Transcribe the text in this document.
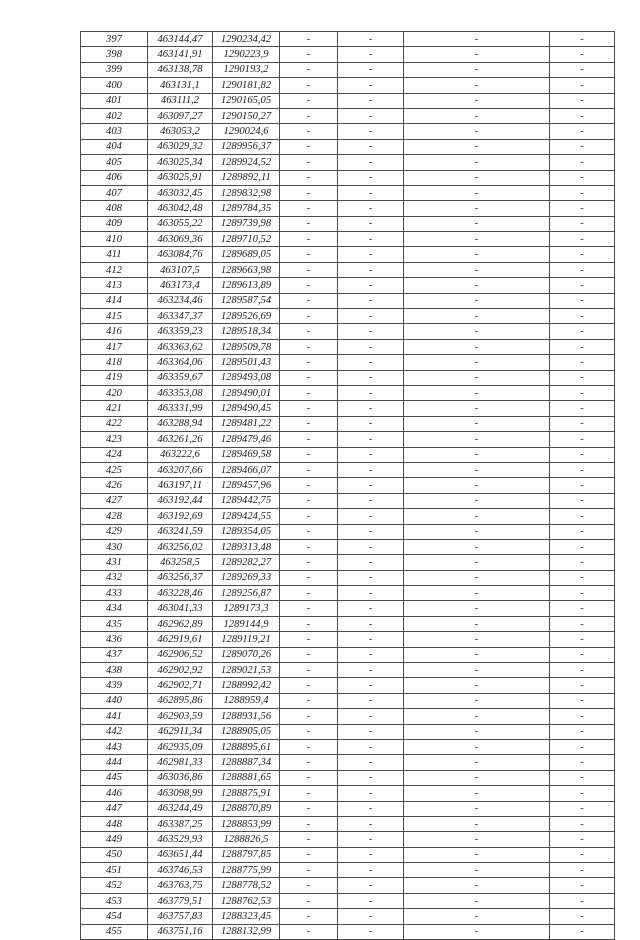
397	463144,47	1290234,42	-	-	-	-
398	463141,91	1290223,9	-	-	-	-
399	463138,78	1290193,2	-	-	-	-
400	463131,1	1290181,82	-	-	-	-
401	463111,2	1290165,05	-	-	-	-
402	463097,27	1290150,27	-	-	-	-
403	463053,2	1290024,6	-	-	-	-
404	463029,32	1289956,37	-	-	-	-
405	463025,34	1289924,52	-	-	-	-
406	463025,91	1289892,11	-	-	-	-
407	463032,45	1289832,98	-	-	-	-
408	463042,48	1289784,35	-	-	-	-
409	463055,22	1289739,98	-	-	-	-
410	463069,36	1289710,52	-	-	-	-
411	463084,76	1289689,05	-	-	-	-
412	463107,5	1289663,98	-	-	-	-
413	463173,4	1289613,89	-	-	-	-
414	463234,46	1289587,54	-	-	-	-
415	463347,37	1289526,69	-	-	-	-
416	463359,23	1289518,34	-	-	-	-
417	463363,62	1289509,78	-	-	-	-
418	463364,06	1289501,43	-	-	-	-
419	463359,67	1289493,08	-	-	-	-
420	463353,08	1289490,01	-	-	-	-
421	463331,99	1289490,45	-	-	-	-
422	463288,94	1289481,22	-	-	-	-
423	463261,26	1289479,46	-	-	-	-
424	463222,6	1289469,58	-	-	-	-
425	463207,66	1289466,07	-	-	-	-
426	463197,11	1289457,96	-	-	-	-
427	463192,44	1289442,75	-	-	-	-
428	463192,69	1289424,55	-	-	-	-
429	463241,59	1289354,05	-	-	-	-
430	463256,02	1289313,48	-	-	-	-
431	463258,5	1289282,27	-	-	-	-
432	463256,37	1289269,33	-	-	-	-
433	463228,46	1289256,87	-	-	-	-
434	463041,33	1289173,3	-	-	-	-
435	462962,89	1289144,9	-	-	-	-
436	462919,61	1289119,21	-	-	-	-
437	462906,52	1289070,26	-	-	-	-
438	462902,92	1289021,53	-	-	-	-
439	462902,71	1288992,42	-	-	-	-
440	462895,86	1288959,4	-	-	-	-
441	462903,59	1288931,56	-	-	-	-
442	462911,34	1288905,05	-	-	-	-
443	462935,09	1288895,61	-	-	-	-
444	462981,33	1288887,34	-	-	-	-
445	463036,86	1288881,65	-	-	-	-
446	463098,99	1288875,91	-	-	-	-
447	463244,49	1288870,89	-	-	-	-
448	463387,25	1288853,99	-	-	-	-
449	463529,93	1288826,5	-	-	-	-
450	463651,44	1288797,85	-	-	-	-
451	463746,53	1288775,99	-	-	-	-
452	463763,75	1288778,52	-	-	-	-
453	463779,51	1288762,53	-	-	-	-
454	463757,83	1288323,45	-	-	-	-
455	463751,16	1288132,99	-	-	-	-
